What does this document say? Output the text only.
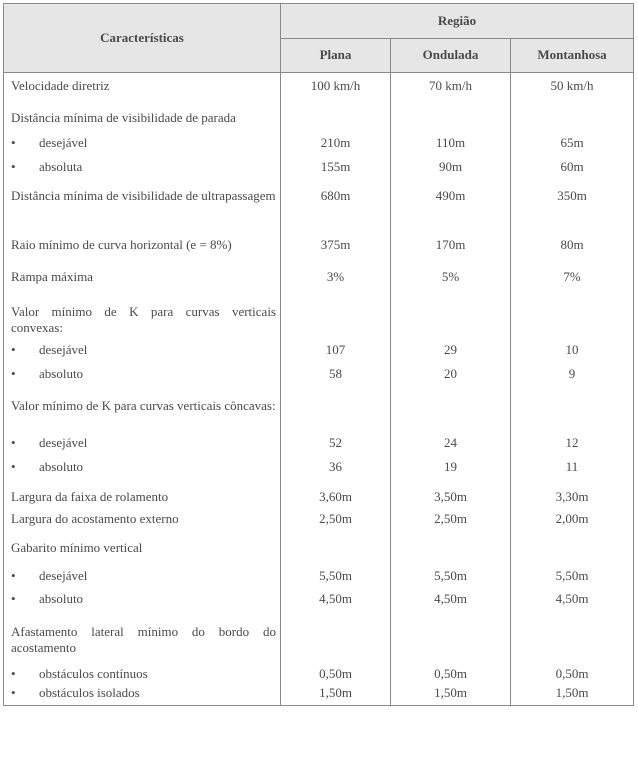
Características	Região		
	Plana	Ondulada	Montanhosa
Velocidade diretriz	100 km/h	70 km/h	50 km/h
Distância mínima de visibilidade de parada			
• desejável	210m	110m	65m
• absoluta	155m	90m	60m
Distância mínima de visibilidade de ultrapassagem	680m	490m	350m
Raio mínimo de curva horizontal (e = 8%)	375m	170m	80m
Rampa máxima	3%	5%	7%
Valor mínimo de K para curvas verticais convexas:			
• desejável	107	29	10
• absoluto	58	20	9
Valor mínimo de K para curvas verticais côncavas:			
• desejável	52	24	12
• absoluto	36	19	11
Largura da faixa de rolamento	3,60m	3,50m	3,30m
Largura do acostamento externo	2,50m	2,50m	2,00m
Gabarito mínimo vertical			
• desejável	5,50m	5,50m	5,50m
• absoluto	4,50m	4,50m	4,50m
Afastamento lateral mínimo do bordo do acostamento			
• obstáculos contínuos	0,50m	0,50m	0,50m
• obstáculos isolados	1,50m	1,50m	1,50m
